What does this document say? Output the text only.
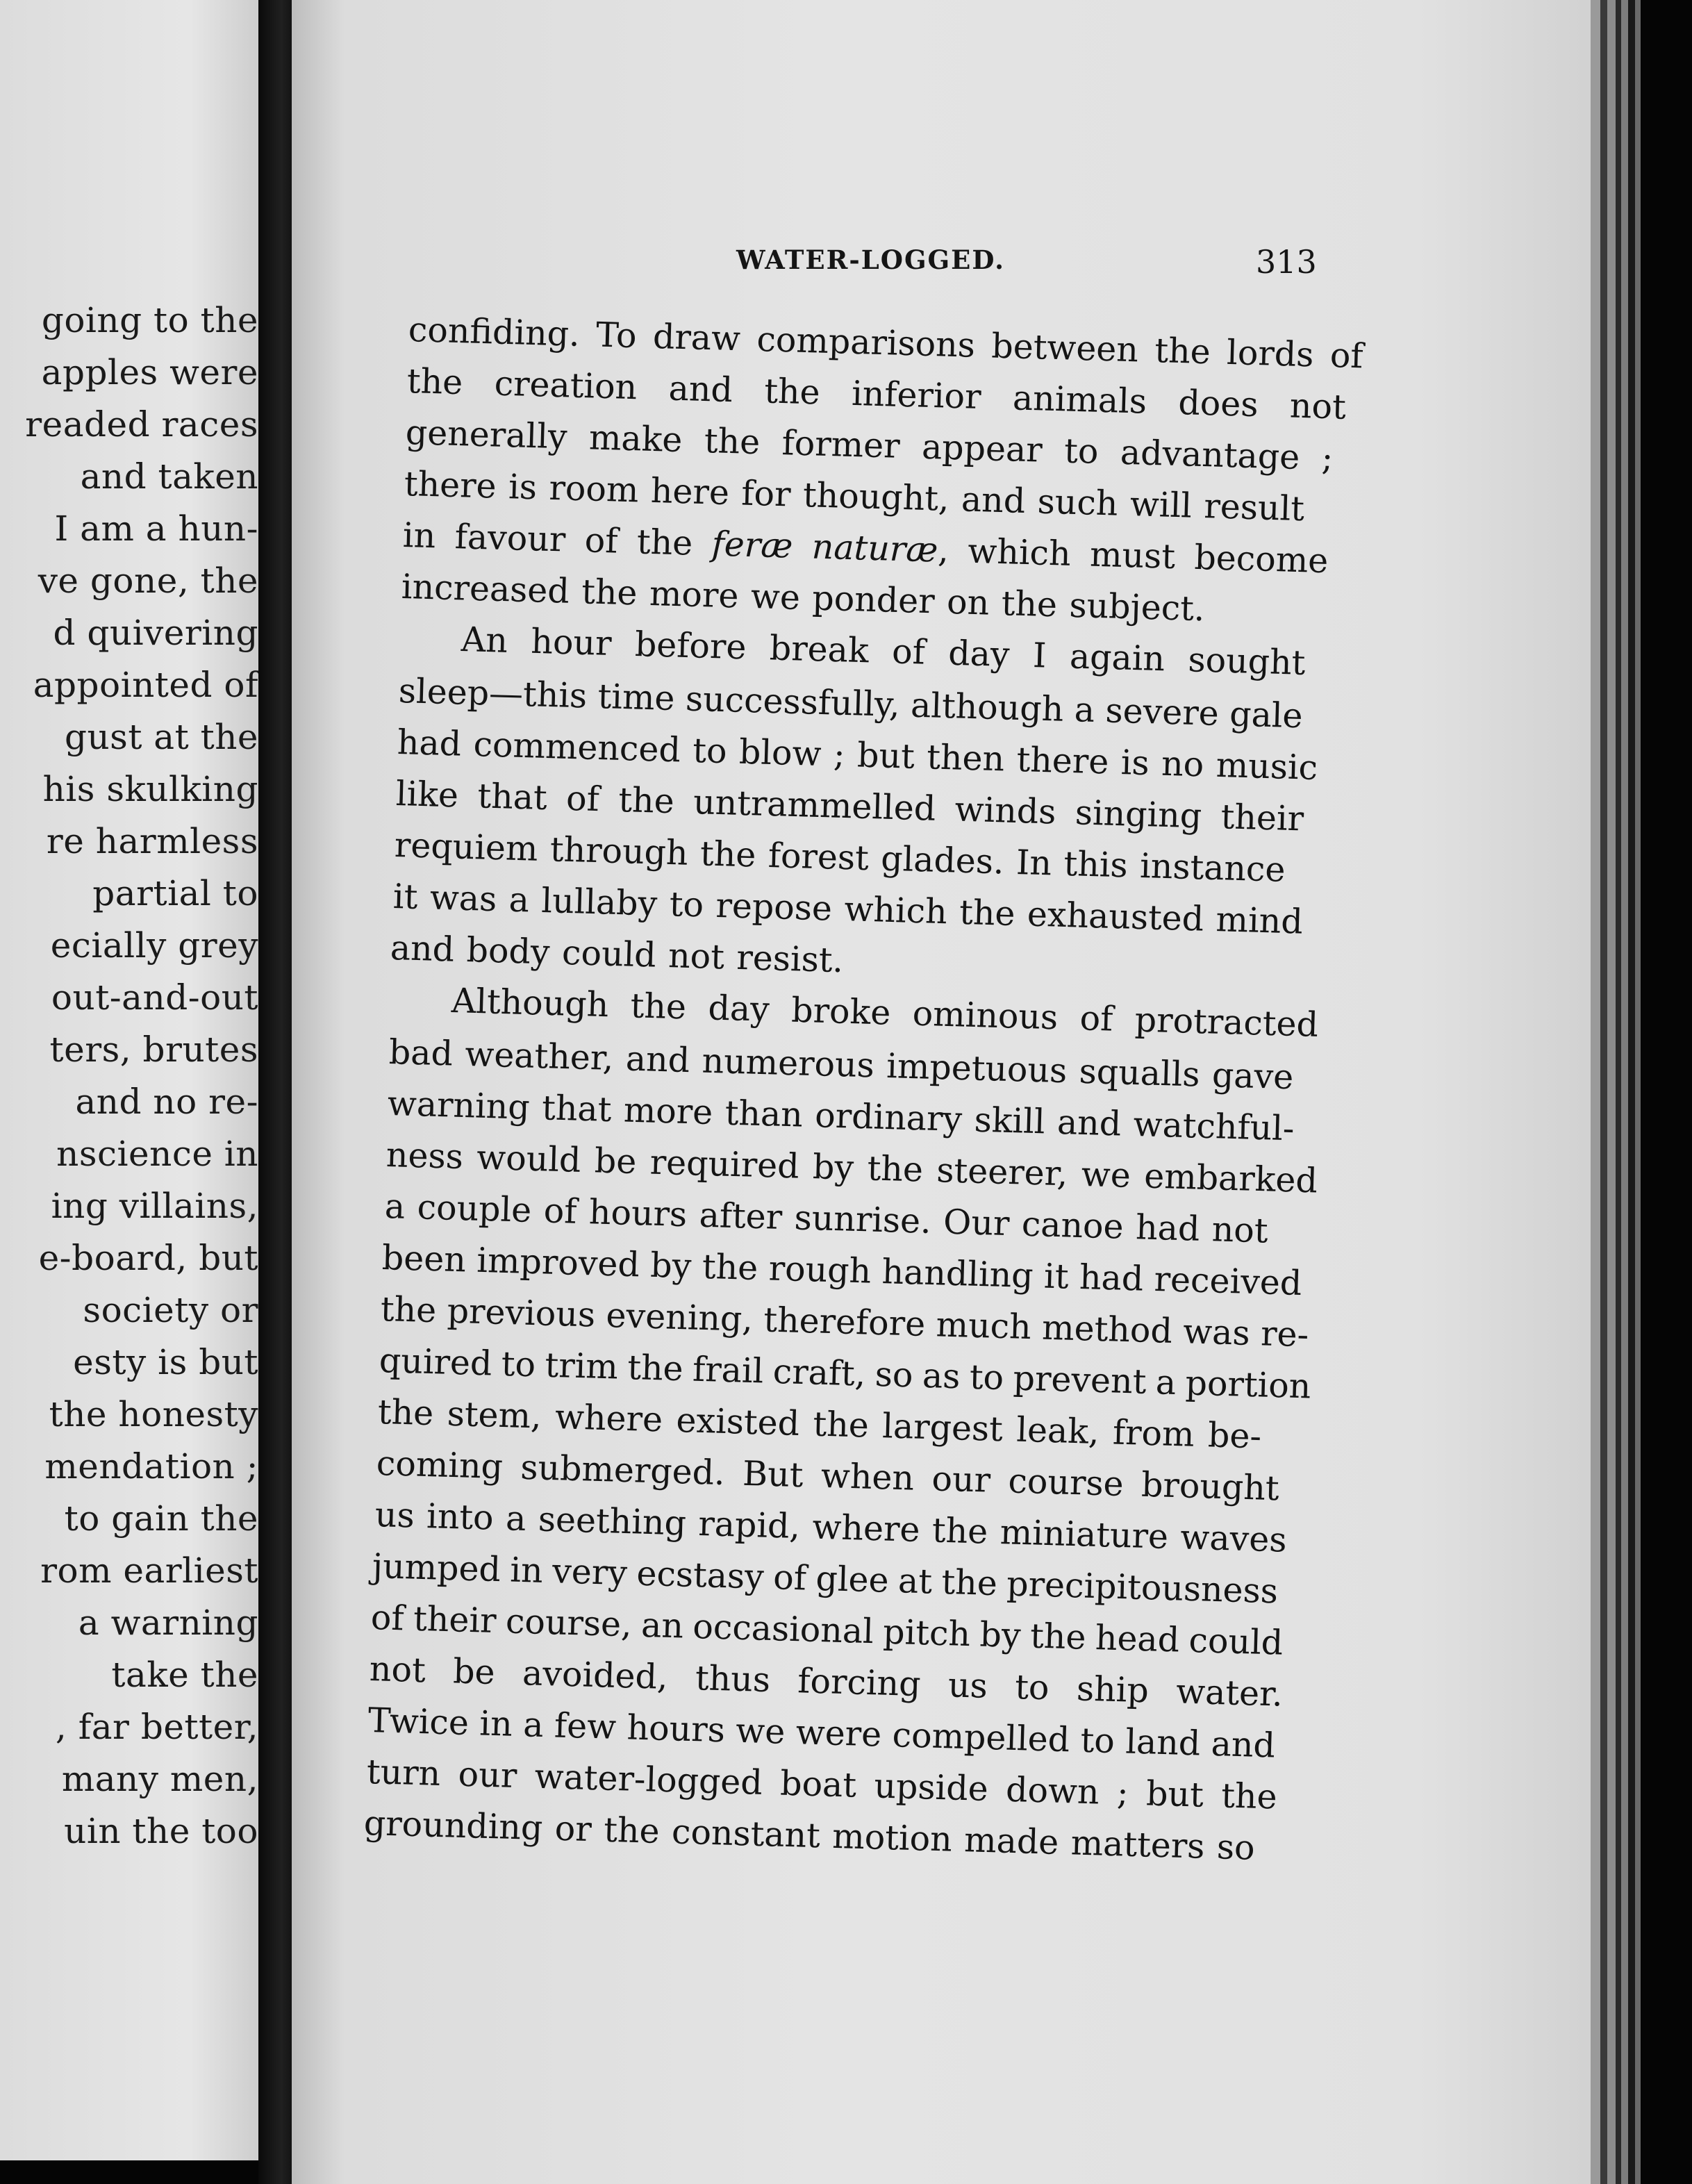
going to the
apples were
readed races
and taken
I am a hun-
ve gone, the
d quivering
appointed of
gust at the
his skulking
re harmless
partial to
ecially grey
out-and-out
ters, brutes
and no re-
nscience in
ing villains,
e-board, but
society or
esty is but
the honesty
mendation ;
to gain the
rom earliest
a warning
take the
, far better,
many men,
uin the too
WATER-LOGGED.	313
confiding. To draw comparisons between the lords of
the creation and the inferior animals does not
generally make the former appear to advantage ;
there is room here for thought, and such will result
in favour of the feræ naturæ, which must become
increased the more we ponder on the subject.
An hour before break of day I again sought
sleep—this time successfully, although a severe gale
had commenced to blow ; but then there is no music
like that of the untrammelled winds singing their
requiem through the forest glades. In this instance
it was a lullaby to repose which the exhausted mind
and body could not resist.
Although the day broke ominous of protracted
bad weather, and numerous impetuous squalls gave
warning that more than ordinary skill and watchful-
ness would be required by the steerer, we embarked
a couple of hours after sunrise. Our canoe had not
been improved by the rough handling it had received
the previous evening, therefore much method was re-
quired to trim the frail craft, so as to prevent a portion
the stem, where existed the largest leak, from be-
coming submerged. But when our course brought
us into a seething rapid, where the miniature waves
jumped in very ecstasy of glee at the precipitousness
of their course, an occasional pitch by the head could
not be avoided, thus forcing us to ship water.
Twice in a few hours we were compelled to land and
turn our water-logged boat upside down ; but the
grounding or the constant motion made matters so
